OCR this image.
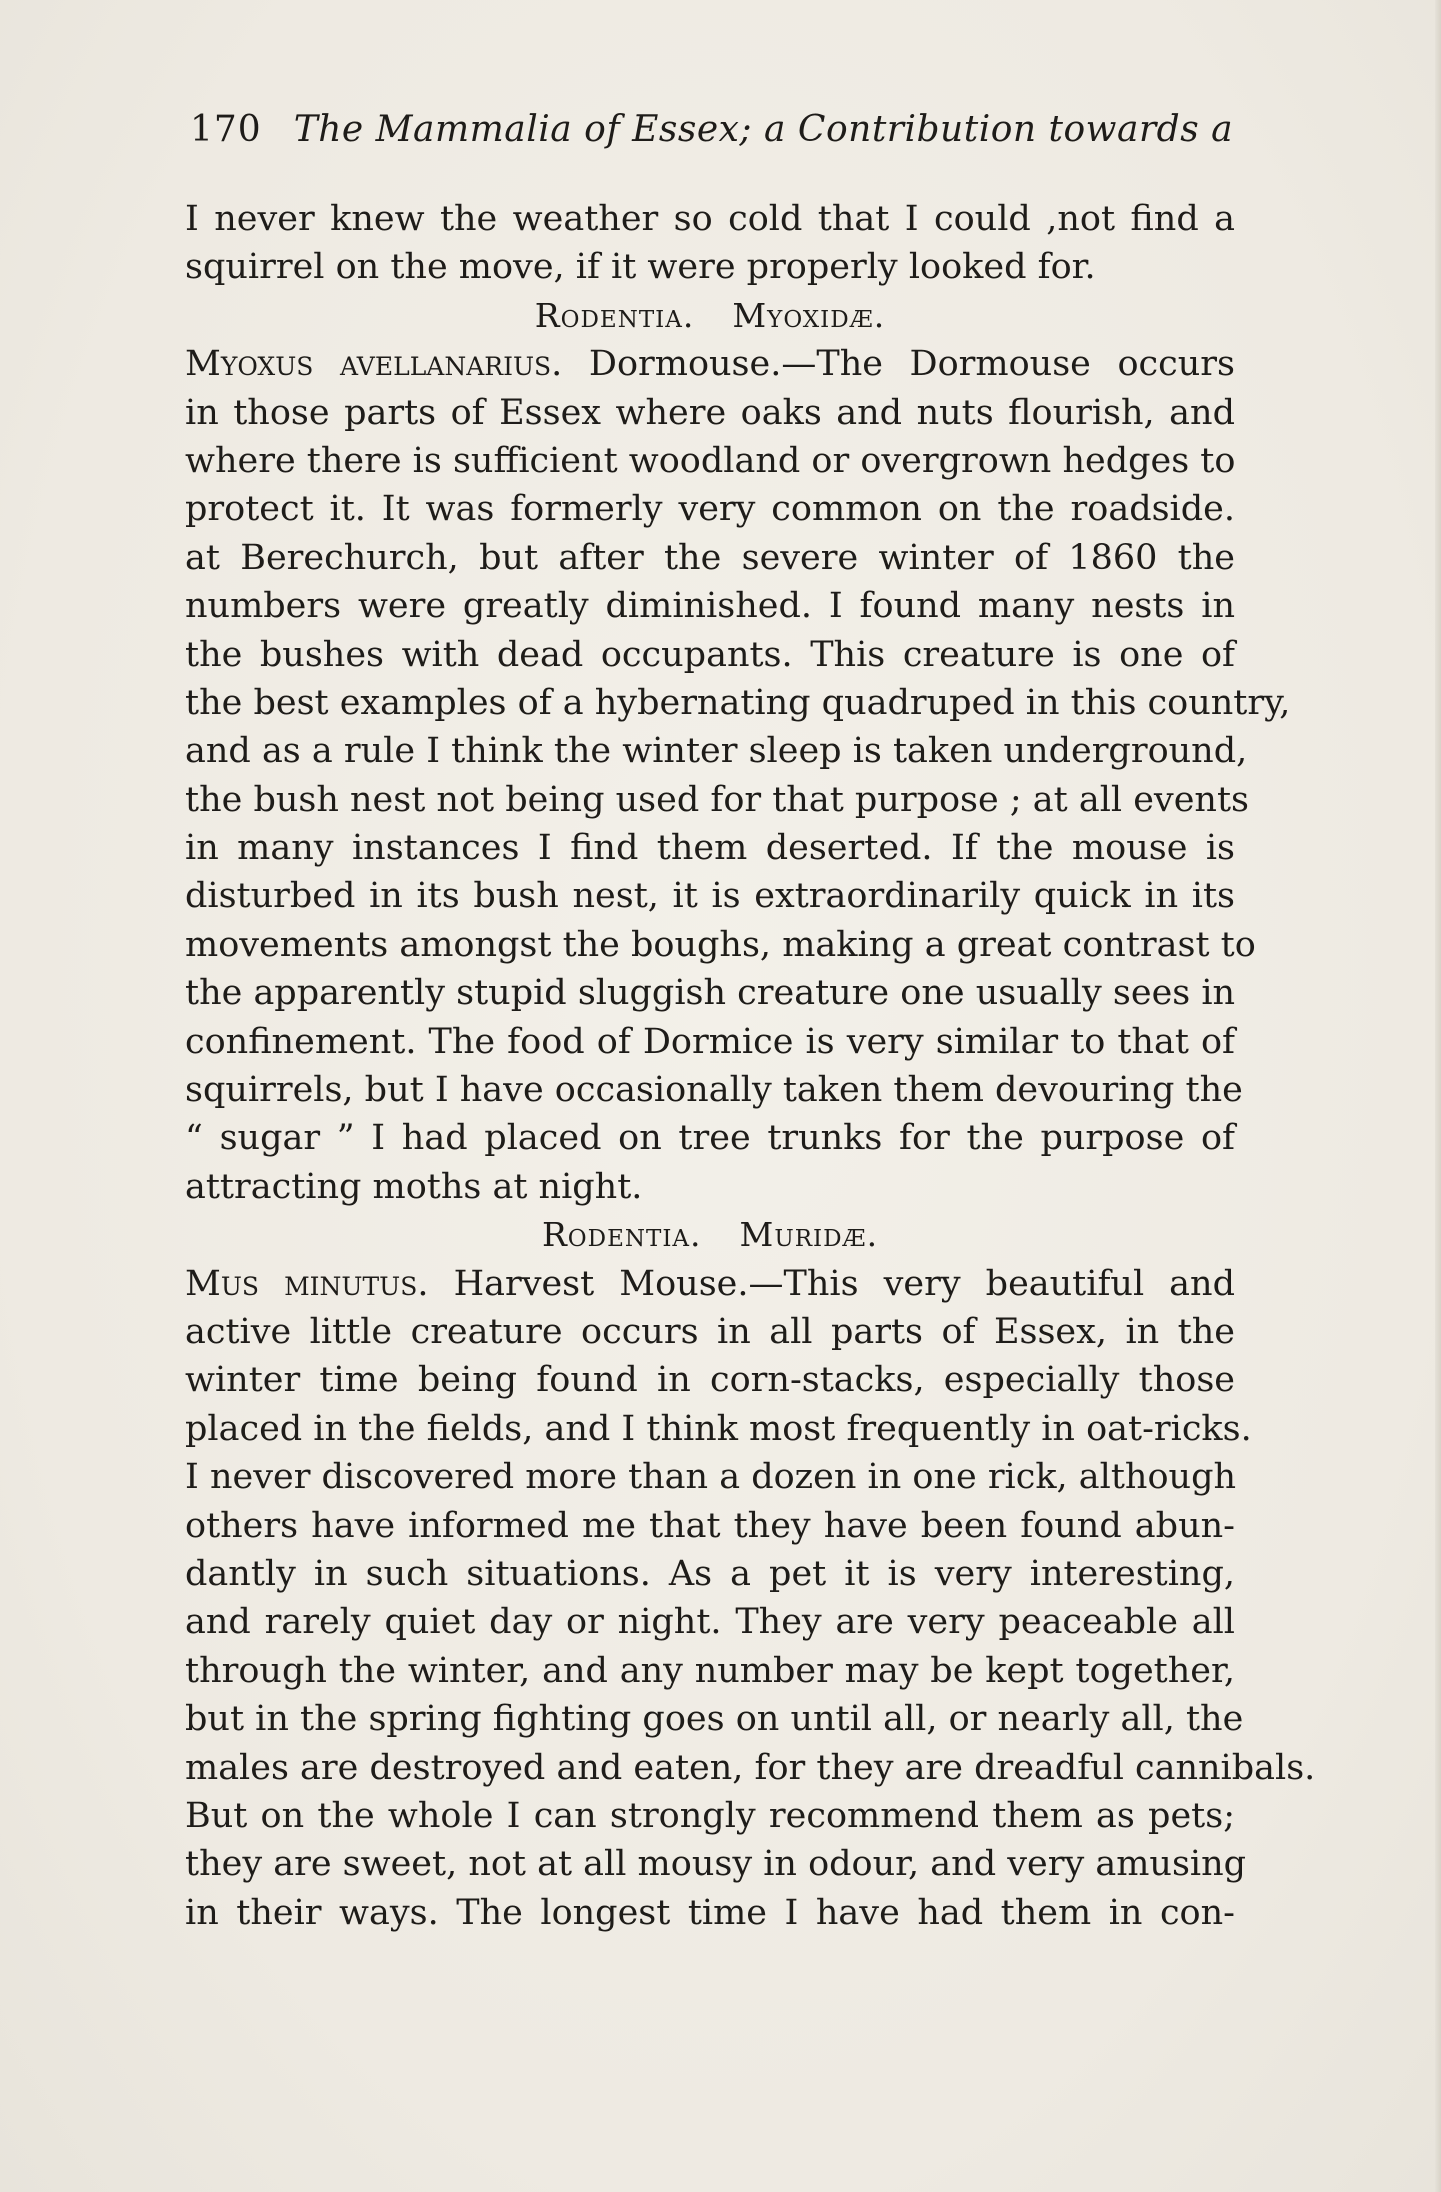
170 The Mammalia of Essex; a Contribution towards a
I never knew the weather so cold that I could ,not find a
squirrel on the move, if it were properly looked for.
Rodentia. Myoxidæ.
Myoxus avellanarius. Dormouse.—The Dormouse occurs
in those parts of Essex where oaks and nuts flourish, and
where there is sufficient woodland or overgrown hedges to
protect it. It was formerly very common on the roadside.
at Berechurch, but after the severe winter of 1860 the
numbers were greatly diminished. I found many nests in
the bushes with dead occupants. This creature is one of
the best examples of a hybernating quadruped in this country,
and as a rule I think the winter sleep is taken underground,
the bush nest not being used for that purpose ; at all events
in many instances I find them deserted. If the mouse is
disturbed in its bush nest, it is extraordinarily quick in its
movements amongst the boughs, making a great contrast to
the apparently stupid sluggish creature one usually sees in
confinement. The food of Dormice is very similar to that of
squirrels, but I have occasionally taken them devouring the
“ sugar ” I had placed on tree trunks for the purpose of
attracting moths at night.
Rodentia. Muridæ.
Mus minutus. Harvest Mouse.—This very beautiful and
active little creature occurs in all parts of Essex, in the
winter time being found in corn-stacks, especially those
placed in the fields, and I think most frequently in oat-ricks.
I never discovered more than a dozen in one rick, although
others have informed me that they have been found abun-
dantly in such situations. As a pet it is very interesting,
and rarely quiet day or night. They are very peaceable all
through the winter, and any number may be kept together,
but in the spring fighting goes on until all, or nearly all, the
males are destroyed and eaten, for they are dreadful cannibals.
But on the whole I can strongly recommend them as pets;
they are sweet, not at all mousy in odour, and very amusing
in their ways. The longest time I have had them in con-
